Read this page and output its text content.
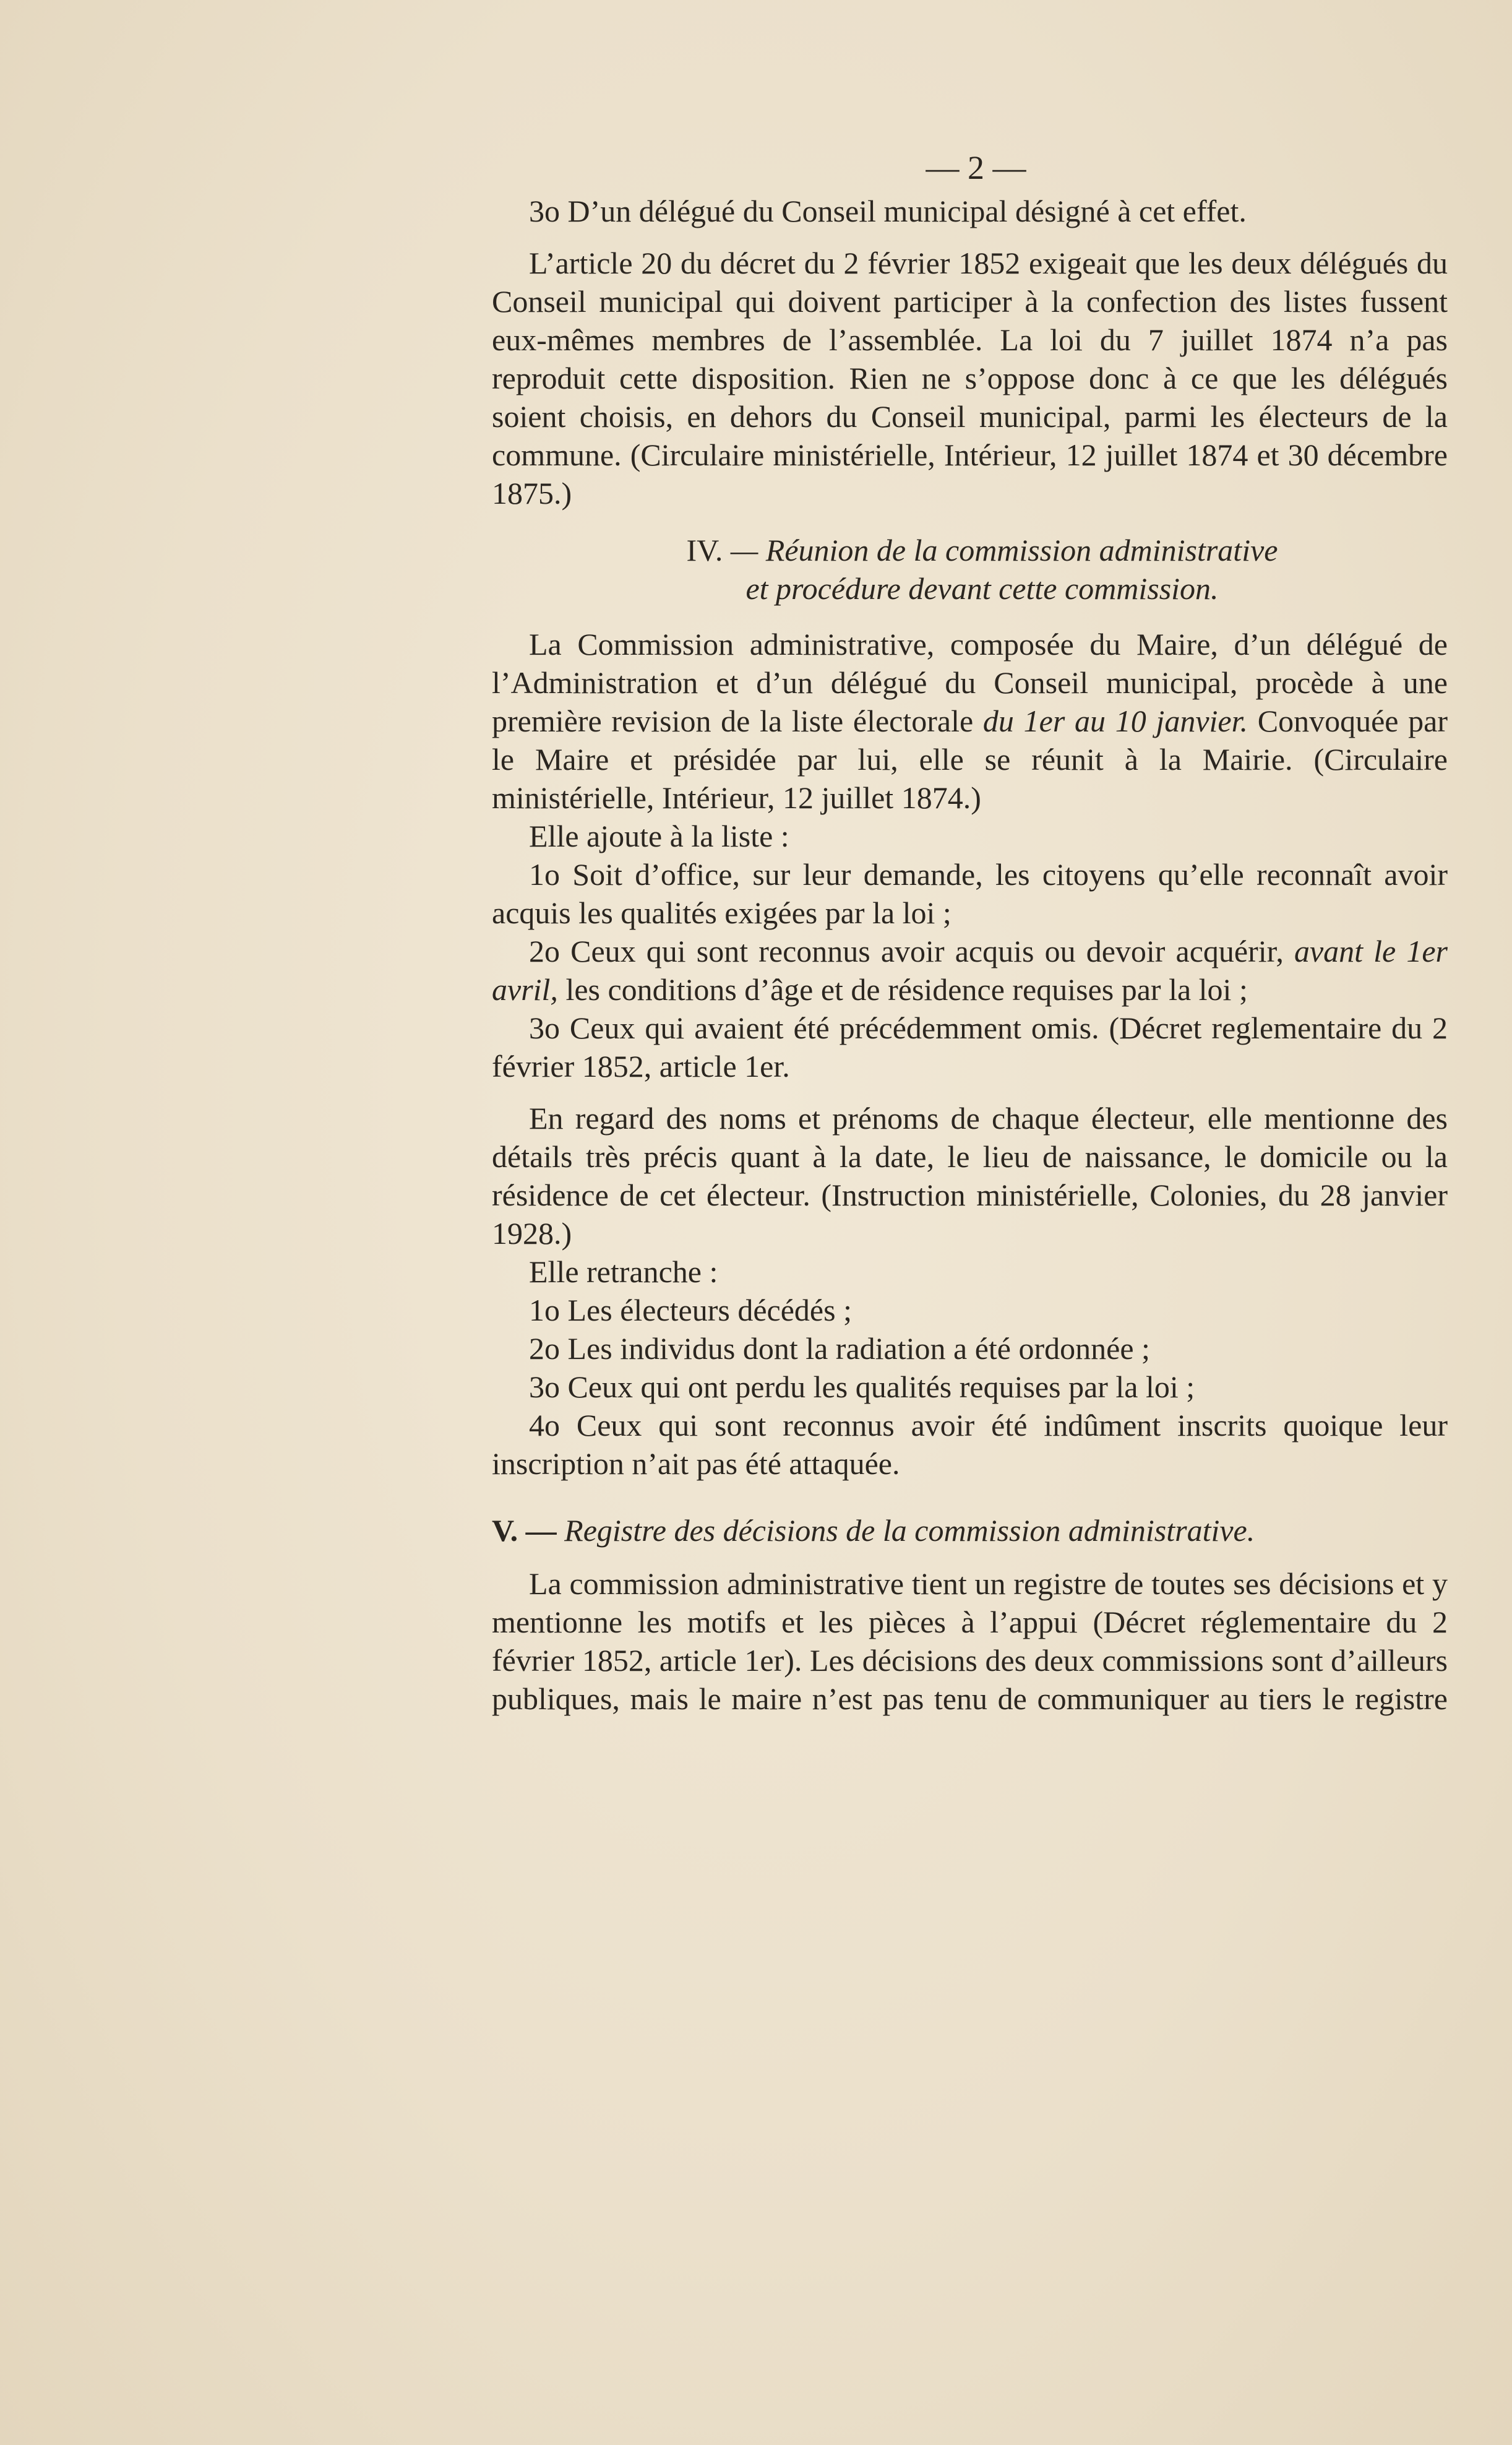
— 2 —

3o D’un délégué du Conseil municipal désigné à cet effet.

L’article 20 du décret du 2 février 1852 exigeait que les deux délégués du Conseil municipal qui doivent participer à la confection des listes fussent eux-mêmes membres de l’assemblée. La loi du 7 juillet 1874 n’a pas reproduit cette disposition. Rien ne s’oppose donc à ce que les délégués soient choisis, en dehors du Conseil municipal, parmi les électeurs de la commune. (Circulaire ministérielle, Intérieur, 12 juillet 1874 et 30 décembre 1875.)

IV. — Réunion de la commission administrative
et procédure devant cette commission.

La Commission administrative, composée du Maire, d’un délégué de l’Administration et d’un délégué du Conseil municipal, procède à une première revision de la liste électorale du 1er au 10 janvier. Convoquée par le Maire et présidée par lui, elle se réunit à la Mairie. (Circulaire ministérielle, Intérieur, 12 juillet 1874.)

Elle ajoute à la liste :

1o Soit d’office, sur leur demande, les citoyens qu’elle reconnaît avoir acquis les qualités exigées par la loi ;

2o Ceux qui sont reconnus avoir acquis ou devoir acquérir, avant le 1er avril, les conditions d’âge et de résidence requises par la loi ;

3o Ceux qui avaient été précédemment omis. (Décret reglementaire du 2 février 1852, article 1er.

En regard des noms et prénoms de chaque électeur, elle mentionne des détails très précis quant à la date, le lieu de naissance, le domicile ou la résidence de cet électeur. (Instruction ministérielle, Colonies, du 28 janvier 1928.)

Elle retranche :

1o Les électeurs décédés ;

2o Les individus dont la radiation a été ordonnée ;

3o Ceux qui ont perdu les qualités requises par la loi ;

4o Ceux qui sont reconnus avoir été indûment inscrits quoique leur inscription n’ait pas été attaquée.

V. — Registre des décisions de la commission administrative.

La commission administrative tient un registre de toutes ses décisions et y mentionne les motifs et les pièces à l’appui (Décret réglementaire du 2 février 1852, article 1er). Les décisions des deux commissions sont d’ailleurs publiques, mais le maire n’est pas tenu de communiquer au tiers le registre
